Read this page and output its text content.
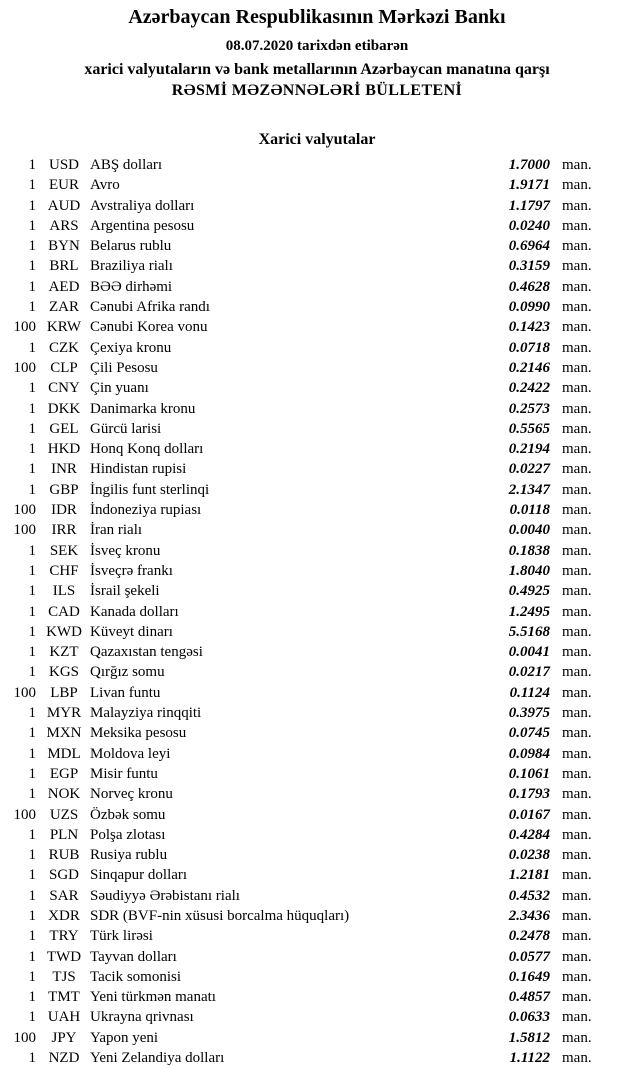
Azərbaycan Respublikasının Mərkəzi Bankı

08.07.2020 tarixdən etibarən

xarici valyutaların və bank metallarının Azərbaycan manatına qarşı

RƏSMİ MƏZƏNNƏLƏRİ BÜLLETENİ

Xarici valyutalar
1 USD ABŞ dolları	1.7000 man.
1 EUR Avro	1.9171 man.
1 AUD Avstraliya dolları	1.1797 man.
1 ARS Argentina pesosu	0.0240 man.
1 BYN Belarus rublu	0.6964 man.
1 BRL Braziliya rialı	0.3159 man.
1 AED BƏƏ dirhəmi	0.4628 man.
1 ZAR Cənubi Afrika randı	0.0990 man.
100 KRW Cənubi Korea vonu	0.1423 man.
1 CZK Çexiya kronu	0.0718 man.
100 CLP Çili Pesosu	0.2146 man.
1 CNY Çin yuanı	0.2422 man.
1 DKK Danimarka kronu	0.2573 man.
1 GEL Gürcü larisi	0.5565 man.
1 HKD Honq Konq dolları	0.2194 man.
1	INR Hindistan rupisi	0.0227 man.
1 GBP İngilis funt sterlinqi	2.1347 man.
100	IDR İndoneziya rupiası	0.0118 man.
100	IRR İran rialı	0.0040 man.
1 SEK İsveç kronu	0.1838 man.
1 CHF İsveçrə frankı	1.8040 man.
1	ILS İsrail şekeli	0.4925 man.
1 CAD Kanada dolları	1.2495 man.
1 KWD Küveyt dinarı	5.5168 man.
1 KZT Qazaxıstan tengəsi	0.0041 man.
1 KGS Qırğız somu	0.0217 man.
100 LBP Livan funtu	0.1124 man.
1 MYR Malayziya rinqqiti	0.3975 man.
1 MXN Meksika pesosu	0.0745 man.
1 MDL Moldova leyi	0.0984 man.
1 EGP Misir funtu	0.1061 man.
1 NOK Norveç kronu	0.1793 man.
100 UZS Özbək somu	0.0167 man.
1 PLN Polşa zlotası	0.4284 man.
1 RUB Rusiya rublu	0.0238 man.
1 SGD Sinqapur dolları	1.2181 man.
1 SAR Səudiyyə Ərəbistanı rialı	0.4532 man.
1 XDR SDR (BVF-nin xüsusi borcalma hüquqları)	2.3436 man.
1 TRY Türk lirəsi	0.2478 man.
1 TWD Tayvan dolları	0.0577 man.
1	TJS Tacik somonisi	0.1649 man.
1 TMT Yeni türkmən manatı	0.4857 man.
1 UAH Ukrayna qrivnası	0.0633 man.
100	JPY Yapon yeni	1.5812 man.
1 NZD Yeni Zelandiya dolları	1.1122 man.
